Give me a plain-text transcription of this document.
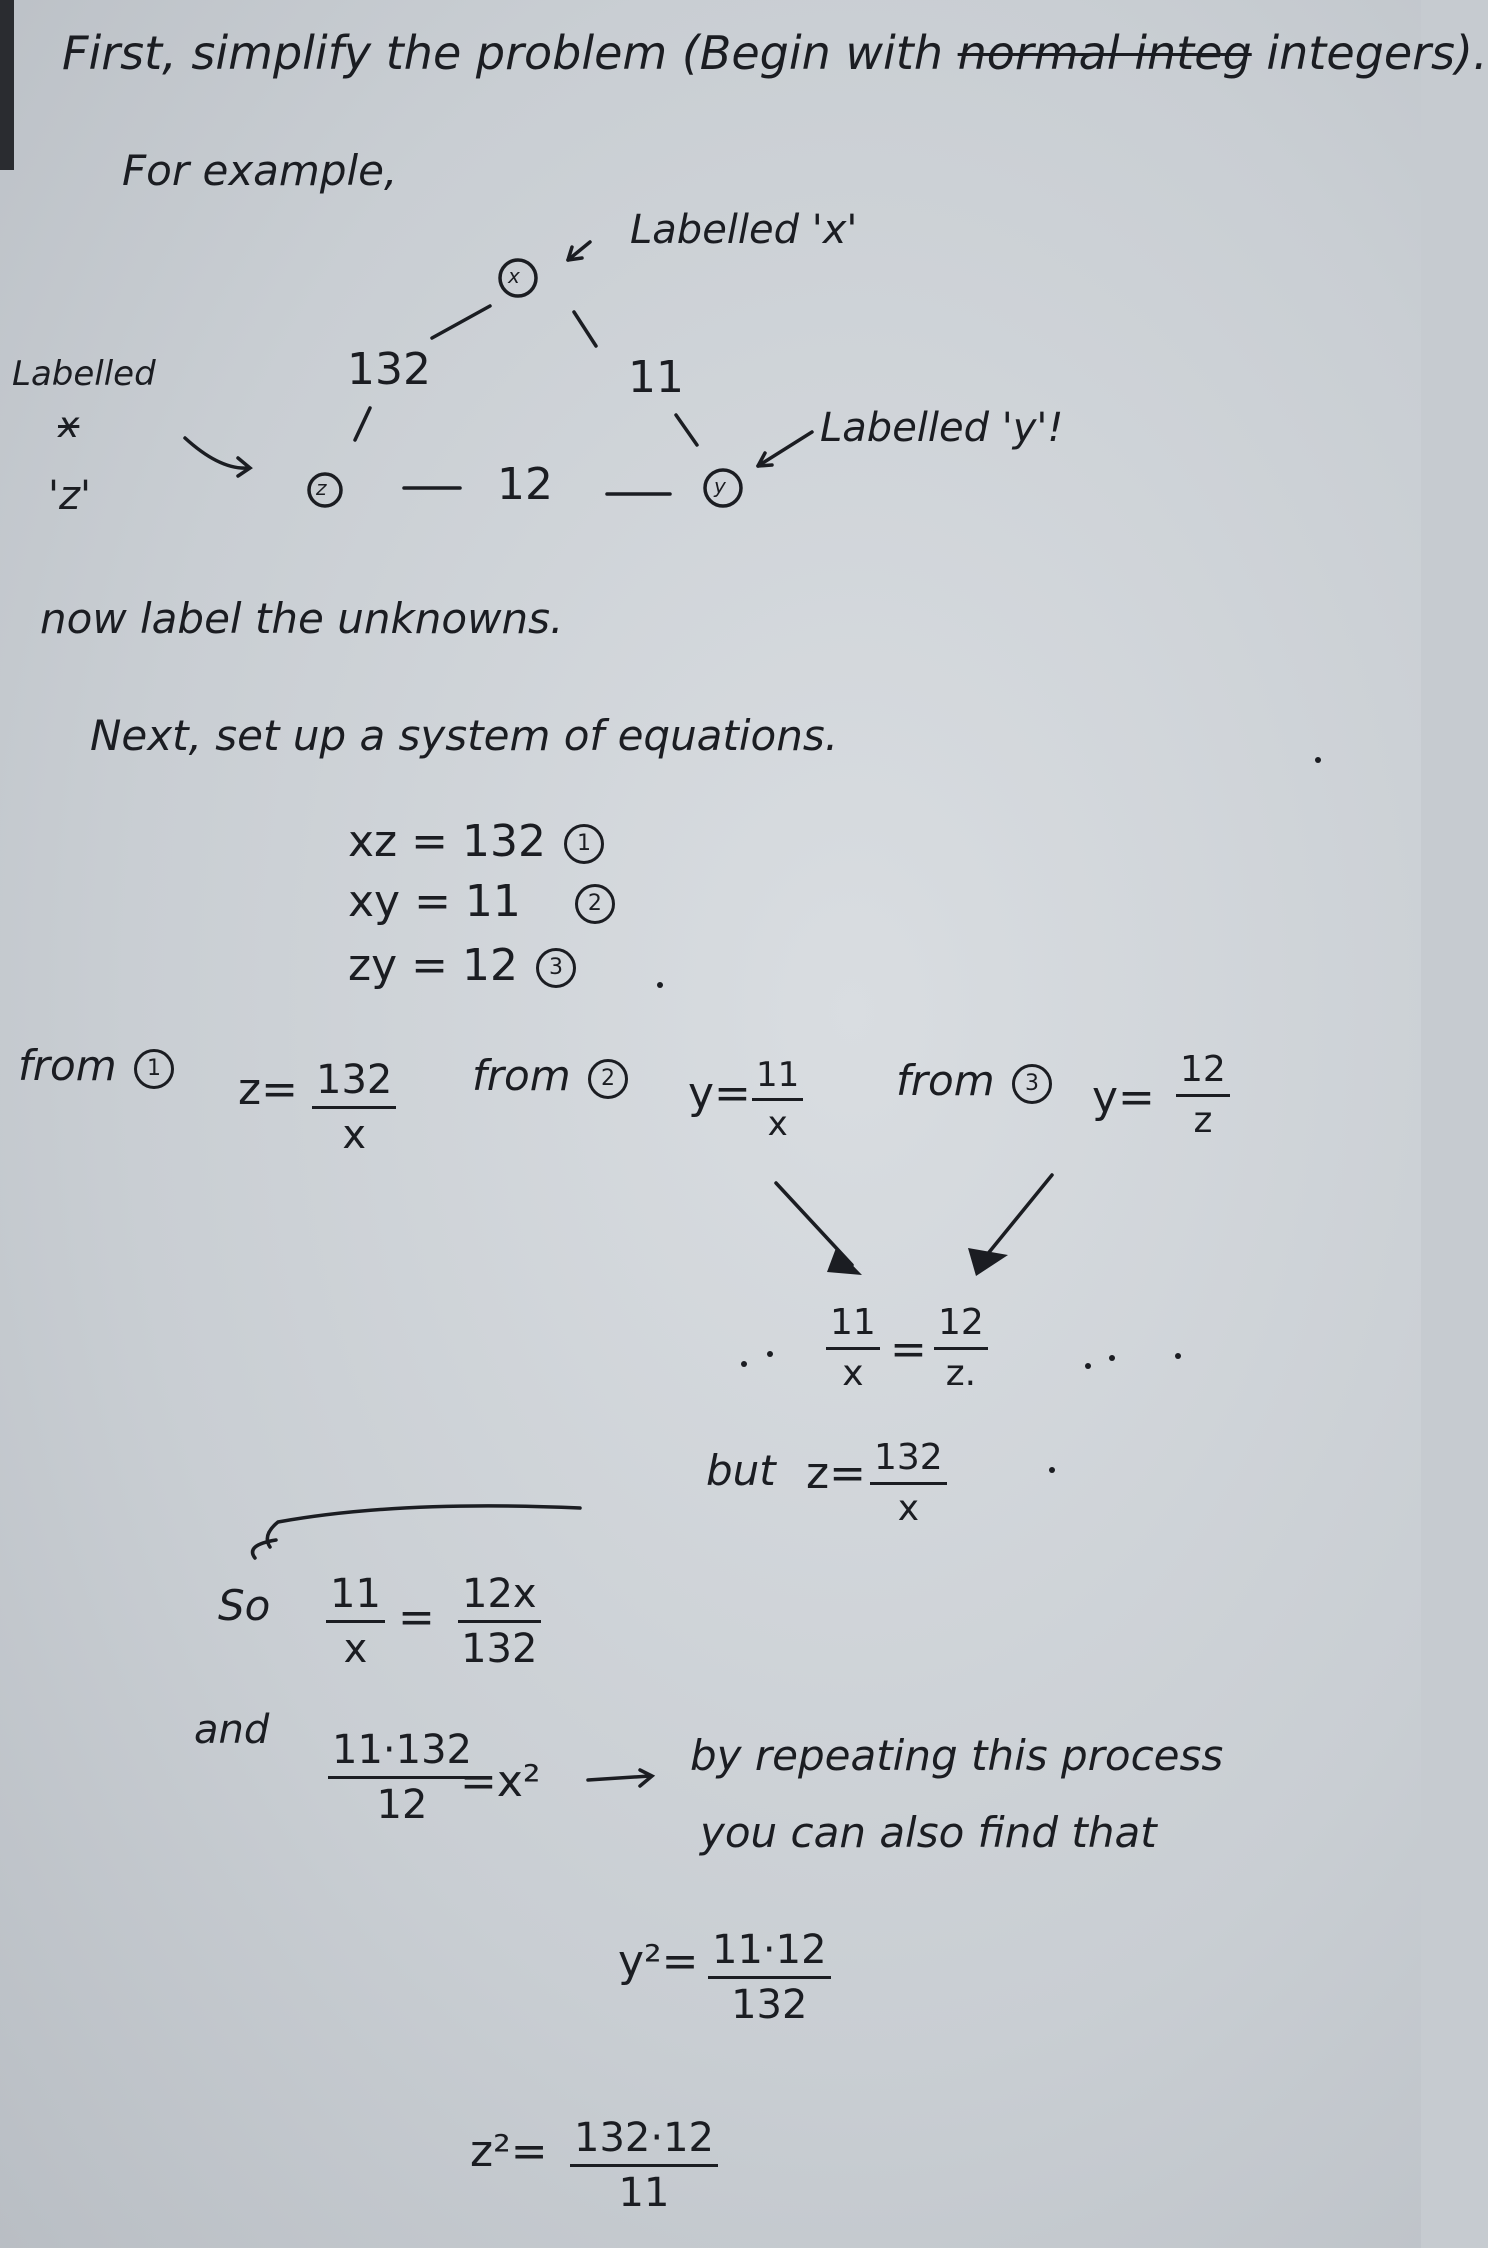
First, simplify the problem (Begin with normal integ integers).
For example,
x
z	y
132	11
12
Labelled 'x'
Labelled 'y'!
Labelled
x
'z'
now label the unknowns.
Next, set up a system of equations.
xz = 132 1
xy = 11	2
zy = 12 3
from 1	$z= \frac{132}{x}$ from 2	$y= \frac{11}{x}$ from 3	$y= \frac{12}{z}$
$\frac{11}{x} = \frac{12}{z.}$
but $z= \frac{132}{x}$
So $\frac{11}{x} = \frac{12x}{132}$
and $\frac{11\cdot 132}{12}$
=x²
by repeating this process
you can also find that
$y^2= \frac{11\cdot 12}{132}$
$z^2= \frac{132\cdot 12}{11}$
